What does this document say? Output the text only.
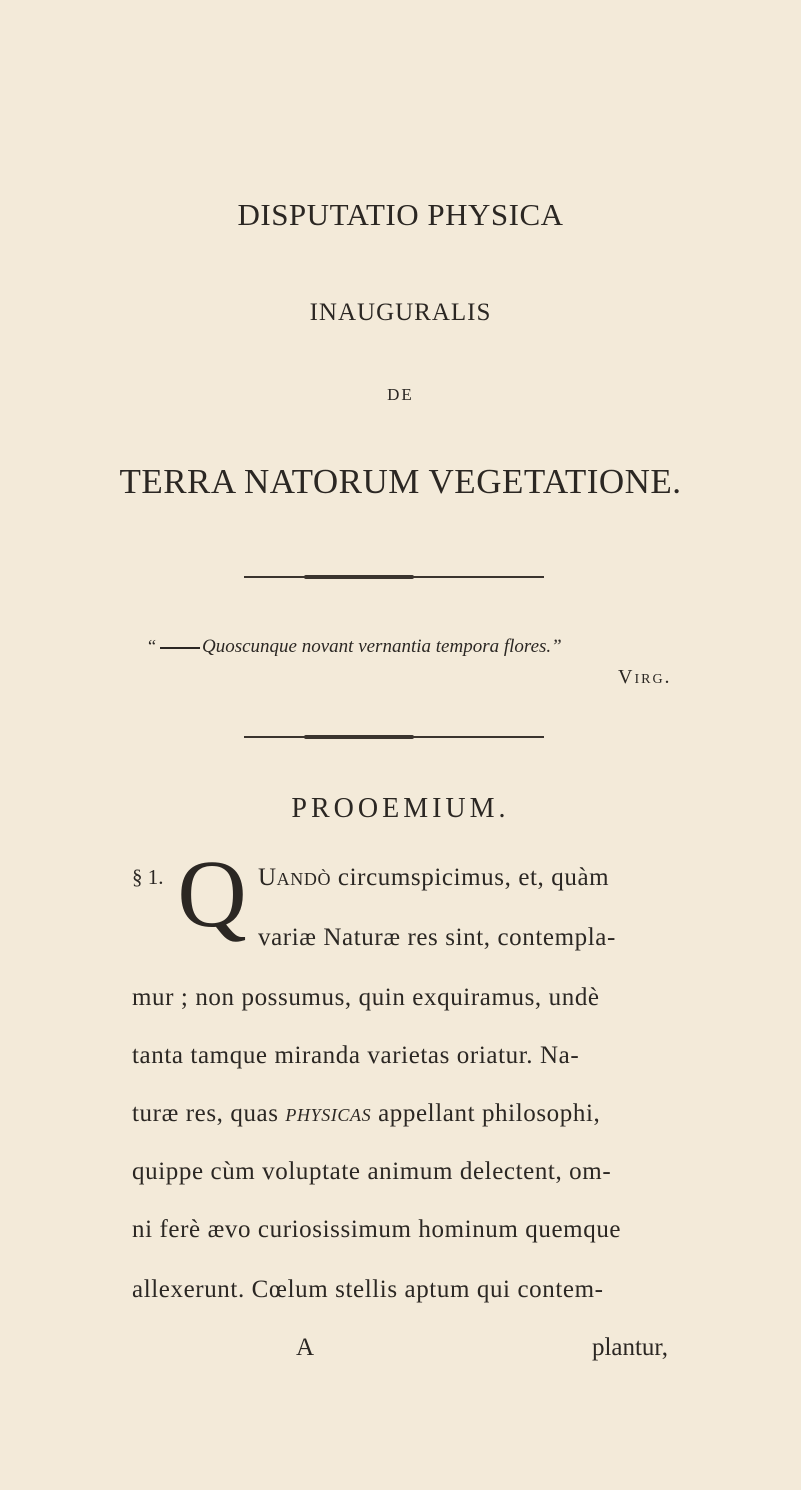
DISPUTATIO PHYSICA
INAUGURALIS
DE
TERRA NATORUM VEGETATIONE.
“ Quoscunque novant vernantia tempora flores.”
Virg.
PROOEMIUM.
§ 1. Q Uandò circumspicimus, et, quàm
variæ Naturæ res sint, contempla-
mur ; non possumus, quin exquiramus, undè
tanta tamque miranda varietas oriatur. Na-
turæ res, quas physicas appellant philosophi,
quippe cùm voluptate animum delectent, om-
ni ferè ævo curiosissimum hominum quemque
allexerunt. Cœlum stellis aptum qui contem-
A	plantur,
